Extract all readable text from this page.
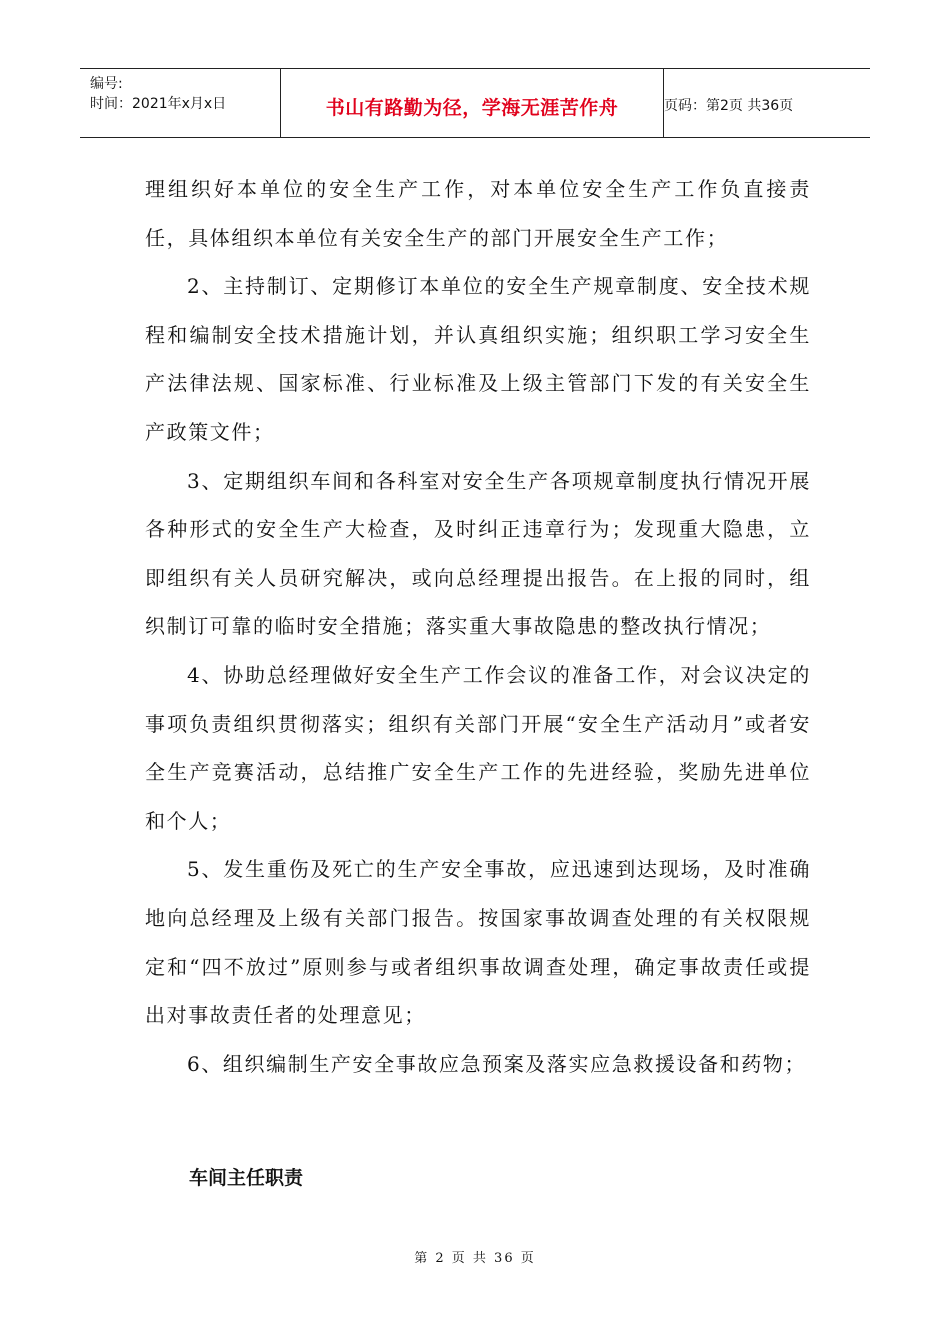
编号:
时间：2021年x月x日	书山有路勤为径，学海无涯苦作舟	页码：第2页 共36页

理组织好本单位的安全生产工作，对本单位安全生产工作负直接责任，具体组织本单位有关安全生产的部门开展安全生产工作；

2、主持制订、定期修订本单位的安全生产规章制度、安全技术规程和编制安全技术措施计划，并认真组织实施；组织职工学习安全生产法律法规、国家标准、行业标准及上级主管部门下发的有关安全生产政策文件；

3、定期组织车间和各科室对安全生产各项规章制度执行情况开展各种形式的安全生产大检查，及时纠正违章行为；发现重大隐患，立即组织有关人员研究解决，或向总经理提出报告。在上报的同时，组织制订可靠的临时安全措施；落实重大事故隐患的整改执行情况；

4、协助总经理做好安全生产工作会议的准备工作，对会议决定的事项负责组织贯彻落实；组织有关部门开展“安全生产活动月”或者安全生产竞赛活动，总结推广安全生产工作的先进经验，奖励先进单位和个人；

5、发生重伤及死亡的生产安全事故，应迅速到达现场，及时准确地向总经理及上级有关部门报告。按国家事故调查处理的有关权限规定和“四不放过”原则参与或者组织事故调查处理，确定事故责任或提出对事故责任者的处理意见；

6、组织编制生产安全事故应急预案及落实应急救援设备和药物；

车间主任职责
第 2 页 共 36 页
